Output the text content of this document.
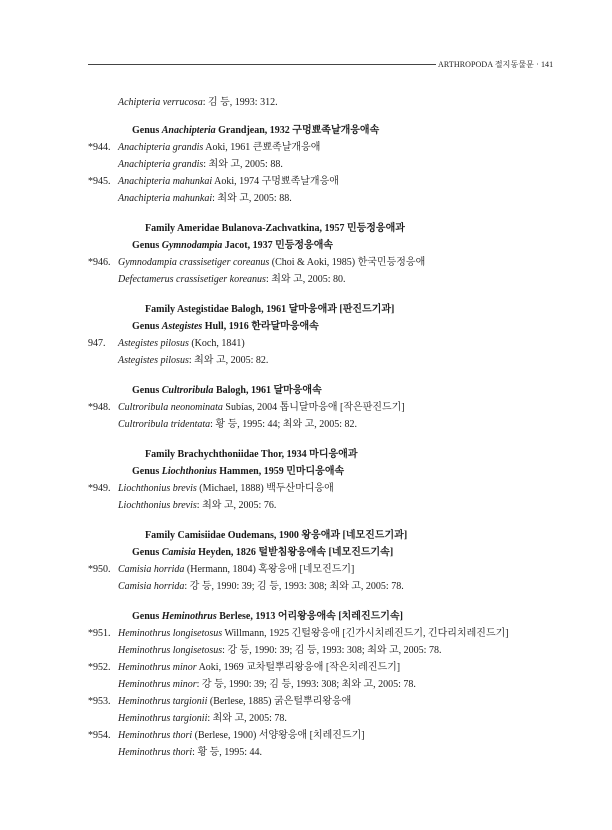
ARTHROPODA 절지동물문 · 141
Achipteria verrucosa: 김 등, 1993: 312.
Genus Anachipteria Grandjean, 1932 구멍뾰족날개응애속
*944. Anachipteria grandis Aoki, 1961 큰뾰족날개응애
Anachipteria grandis: 최와 고, 2005: 88.
*945. Anachipteria mahunkai Aoki, 1974 구멍뾰족날개응애
Anachipteria mahunkai: 최와 고, 2005: 88.
Family Ameridae Bulanova-Zachvatkina, 1957 민등정응애과
Genus Gymnodampia Jacot, 1937 민등정응애속
*946. Gymnodampia crassisetiger coreanus (Choi & Aoki, 1985) 한국민등정응애
Defectamerus crassisetiger koreanus: 최와 고, 2005: 80.
Family Astegistidae Balogh, 1961 달마응애과 [판진드기과]
Genus Astegistes Hull, 1916 한라달마응애속
947. Astegistes pilosus (Koch, 1841)
Astegistes pilosus: 최와 고, 2005: 82.
Genus Cultroribula Balogh, 1961 달마응애속
*948. Cultroribula neonominata Subías, 2004 톱니달마응애 [작은판진드기]
Cultroribula tridentata: 황 등, 1995: 44; 최와 고, 2005: 82.
Family Brachychthoniidae Thor, 1934 마디응애과
Genus Liochthonius Hammen, 1959 민마디응애속
*949. Liochthonius brevis (Michael, 1888) 백두산마디응애
Liochthonius brevis: 최와 고, 2005: 76.
Family Camisiidae Oudemans, 1900 왕응애과 [네모진드기과]
Genus Camisia Heyden, 1826 털받침왕응애속 [네모진드기속]
*950. Camisia horrida (Hermann, 1804) 혹왕응애 [네모진드기]
Camisia horrida: 강 등, 1990: 39; 김 등, 1993: 308; 최와 고, 2005: 78.
Genus Heminothrus Berlese, 1913 어리왕응애속 [치레진드기속]
*951. Heminothrus longisetosus Willmann, 1925 긴털왕응애 [긴가시치레진드기, 긴다리치레진드기]
Heminothrus longisetosus: 강 등, 1990: 39; 김 등, 1993: 308; 최와 고, 2005: 78.
*952. Heminothrus minor Aoki, 1969 교차털뿌리왕응애 [작은치레진드기]
Heminothrus minor: 강 등, 1990: 39; 김 등, 1993: 308; 최와 고, 2005: 78.
*953. Heminothrus targionii (Berlese, 1885) 굵은털뿌리왕응애
Heminothrus targionii: 최와 고, 2005: 78.
*954. Heminothrus thori (Berlese, 1900) 서양왕응애 [치레진드기]
Heminothrus thori: 황 등, 1995: 44.
